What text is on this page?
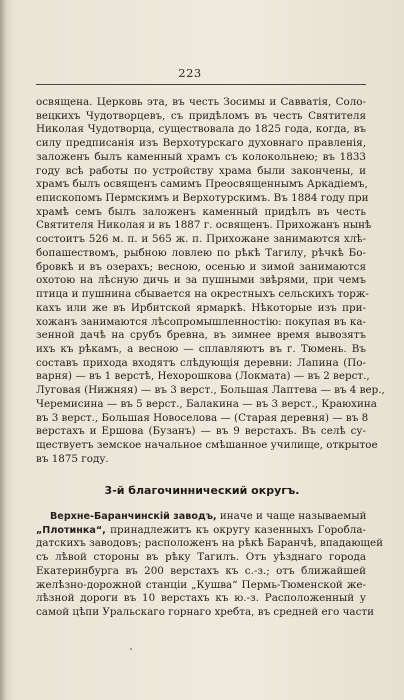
223
освящена. Церковь эта, въ честь Зосимы и Савватія, Соло-
вецкихъ Чудотворцевъ, съ придѣломъ въ честь Святителя
Николая Чудотворца, существовала до 1825 года, когда, въ
силу предписанія изъ Верхотурскаго духовнаго правленія,
заложенъ былъ каменный храмъ съ колокольнею; въ 1833
году всѣ работы по устройству храма были закончены, и
храмъ былъ освященъ самимъ Преосвященнымъ Аркадіемъ,
епископомъ Пермскимъ и Верхотурскимъ. Въ 1884 году при
храмѣ семъ былъ заложенъ каменный придѣлъ въ честь
Святителя Николая и въ 1887 г. освященъ. Прихожанъ нынѣ
состоитъ 526 м. п. и 565 ж. п. Прихожане занимаются хлѣ-
бопашествомъ, рыбною ловлею по рѣкѣ Тагилу, рѣчкѣ Бо-
бровкѣ и въ озерахъ; весною, осенью и зимой занимаются
охотою на лѣсную дичь и за пушными звѣрями, при чемъ
птица и пушнина сбывается на окрестныхъ сельскихъ торж-
кахъ или же въ Ирбитской ярмаркѣ. Нѣкоторые изъ при-
хожанъ занимаются лѣсопромышленностію: покупая въ ка-
зенной дачѣ на срубъ бревна, въ зимнее время вывозятъ
ихъ къ рѣкамъ, а весною — сплавляютъ въ г. Тюмень. Въ
составъ прихода входятъ слѣдующія деревни: Лапина (По-
варня) — въ 1 верстѣ, Нехорошкова (Локмата) — въ 2 верст.,
Луговая (Нижняя) — въ 3 верст., Большая Лаптева — въ 4 вер.,
Черемисина — въ 5 верст., Балакина — въ 3 верст., Краюхина
въ 3 верст., Большая Новоселова — (Старая деревня) — въ 8
верстахъ и Ершова (Бузанъ) — въ 9 верстахъ. Въ селѣ су-
ществуетъ земское начальное смѣшанное училище, открытое
въ 1875 году.
3-й благочиннический округъ.
Верхне-Баранчинскій заводъ, иначе и чаще называемый
„Плотинка“, принадлежитъ къ округу казенныхъ Горобла-
датскихъ заводовъ; расположенъ на рѣкѣ Баранчѣ, впадающей
съ лѣвой стороны въ рѣку Тагилъ. Отъ уѣзднаго города
Екатеринбурга въ 200 верстахъ къ с.-з.; отъ ближайшей
желѣзно-дорожной станціи „Кушва“ Пермь-Тюменской же-
лѣзной дороги въ 10 верстахъ къ ю.-з. Расположенный у
самой цѣпи Уральскаго горнаго хребта, въ средней его части
